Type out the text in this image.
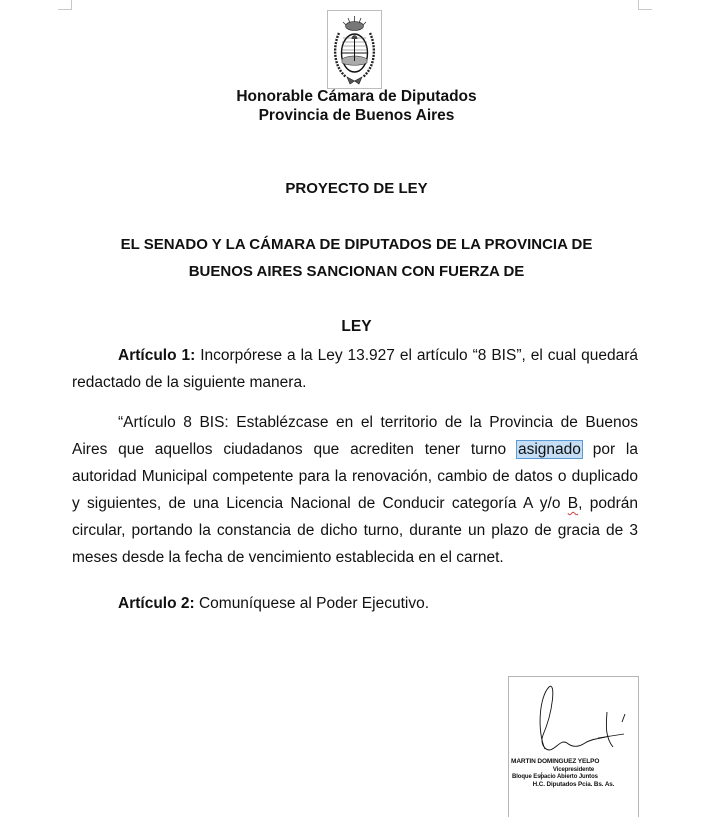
Honorable Cámara de Diputados
Provincia de Buenos Aires
PROYECTO DE LEY
EL SENADO Y LA CÁMARA DE DIPUTADOS DE LA PROVINCIA DE
BUENOS AIRES SANCIONAN CON FUERZA DE
LEY
Artículo 1: Incorpórese a la Ley 13.927 el artículo “8 BIS”, el cual quedará redactado de la siguiente manera.
“Artículo 8 BIS: Establézcase en el territorio de la Provincia de Buenos Aires que aquellos ciudadanos que acrediten tener turno asignado por la autoridad Municipal competente para la renovación, cambio de datos o duplicado y siguientes, de una Licencia Nacional de Conducir categoría A y/o B, podrán circular, portando la constancia de dicho turno, durante un plazo de gracia de 3 meses desde la fecha de vencimiento establecida en el carnet.
Artículo 2: Comuníquese al Poder Ejecutivo.
MARTIN DOMINGUEZ YELPO
Vicepresidente
Bloque Espacio Abierto Juntos
H.C. Diputados Pcia. Bs. As.
